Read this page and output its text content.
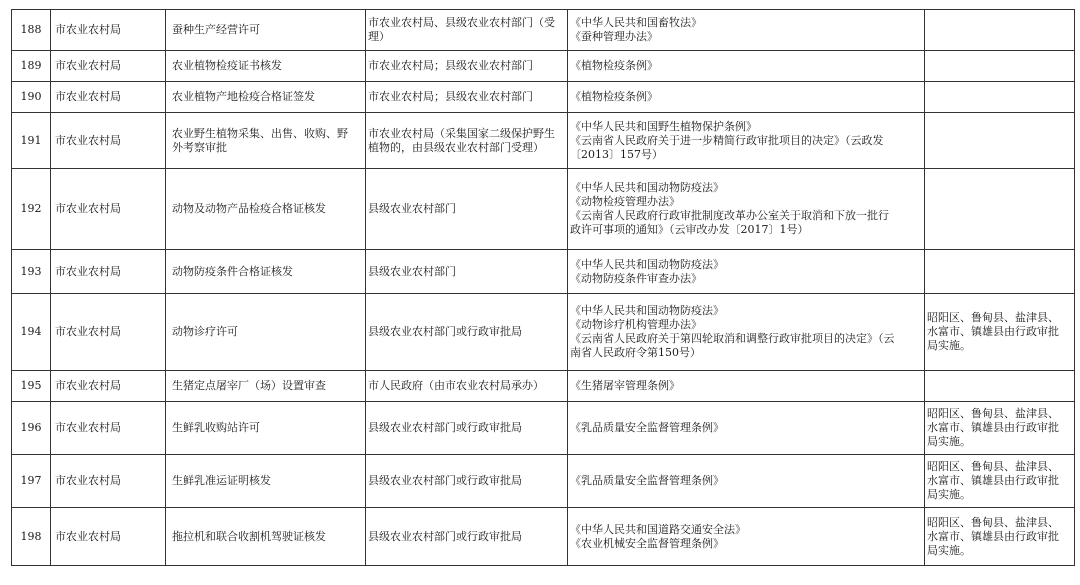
188	市农业农村局	蚕种生产经营许可	市农业农村局、县级农业农村部门（受
理）	《中华人民共和国畜牧法》
《蚕种管理办法》	

189	市农业农村局	农业植物检疫证书核发	市农业农村局；县级农业农村部门	《植物检疫条例》	

190	市农业农村局	农业植物产地检疫合格证签发	市农业农村局；县级农业农村部门	《植物检疫条例》	

191	市农业农村局	农业野生植物采集、出售、收购、野
外考察审批	市农业农村局（采集国家二级保护野生
植物的，由县级农业农村部门受理）	《中华人民共和国野生植物保护条例》
《云南省人民政府关于进一步精简行政审批项目的决定》（云政发
〔2013〕157号）	

192	市农业农村局	动物及动物产品检疫合格证核发	县级农业农村部门	《中华人民共和国动物防疫法》
《动物检疫管理办法》
《云南省人民政府行政审批制度改革办公室关于取消和下放一批行
政许可事项的通知》（云审改办发〔2017〕1号）	

193	市农业农村局	动物防疫条件合格证核发	县级农业农村部门	《中华人民共和国动物防疫法》
《动物防疫条件审查办法》	

194	市农业农村局	动物诊疗许可	县级农业农村部门或行政审批局	《中华人民共和国动物防疫法》
《动物诊疗机构管理办法》
《云南省人民政府关于第四轮取消和调整行政审批项目的决定》（云
南省人民政府令第150号）	昭阳区、鲁甸县、盐津县、
水富市、镇雄县由行政审批
局实施。

195	市农业农村局	生猪定点屠宰厂（场）设置审查	市人民政府（由市农业农村局承办）	《生猪屠宰管理条例》	

196	市农业农村局	生鲜乳收购站许可	县级农业农村部门或行政审批局	《乳品质量安全监督管理条例》	昭阳区、鲁甸县、盐津县、
水富市、镇雄县由行政审批
局实施。

197	市农业农村局	生鲜乳准运证明核发	县级农业农村部门或行政审批局	《乳品质量安全监督管理条例》	昭阳区、鲁甸县、盐津县、
水富市、镇雄县由行政审批
局实施。

198	市农业农村局	拖拉机和联合收割机驾驶证核发	县级农业农村部门或行政审批局	《中华人民共和国道路交通安全法》
《农业机械安全监督管理条例》	昭阳区、鲁甸县、盐津县、
水富市、镇雄县由行政审批
局实施。
